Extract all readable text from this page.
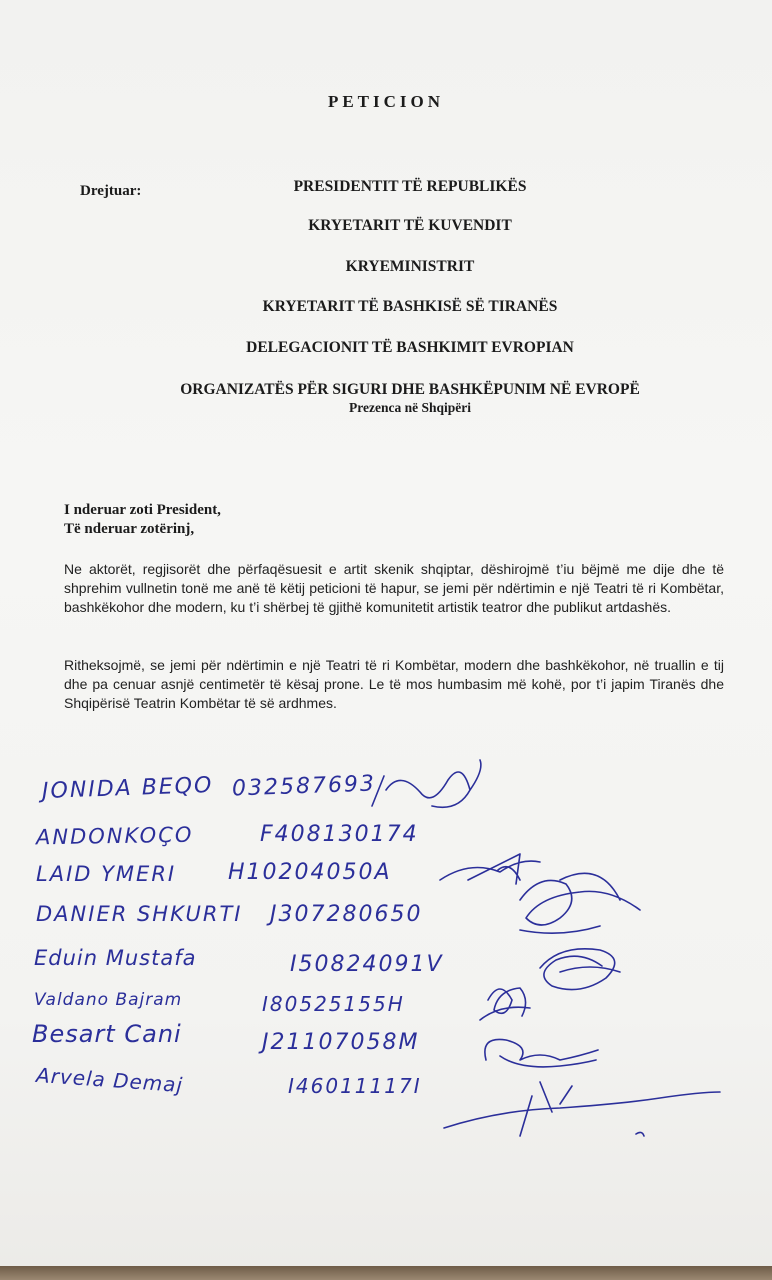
PETICION
Drejtuar:	PRESIDENTIT TË REPUBLIKËS
KRYETARIT TË KUVENDIT
KRYEMINISTRIT
KRYETARIT TË BASHKISË SË TIRANËS
DELEGACIONIT TË BASHKIMIT EVROPIAN
ORGANIZATËS PËR SIGURI DHE BASHKËPUNIM NË EVROPË
Prezenca në Shqipëri
I nderuar zoti President,
Të nderuar zotërinj,
Ne aktorët, regjisorët dhe përfaqësuesit e artit skenik shqiptar, dëshirojmë t’iu bëjmë me dije dhe të shprehim vullnetin tonë me anë të këtij peticioni të hapur, se jemi për ndërtimin e një Teatri të ri Kombëtar, bashkëkohor dhe modern, ku t’i shërbej të gjithë komunitetit artistik teatror dhe publikut artdashës.
Ritheksojmë, se jemi për ndërtimin e një Teatri të ri Kombëtar, modern dhe bashkëkohor, në truallin e tij dhe pa cenuar asnjë centimetër të kësaj prone. Le të mos humbasim më kohë, por t’i japim Tiranës dhe Shqipërisë Teatrin Kombëtar të së ardhmes.
JONIDA BEQO 032587693
ANDONKOÇO	F408130174
LAID YMERI H10204050A
DANIER SHKURTI J307280650
Eduin Mustafa	I50824091V
Valdano Bajram	I80525155H
Besart Cani	J21107058M
Arvela Demaj	I46011117I
